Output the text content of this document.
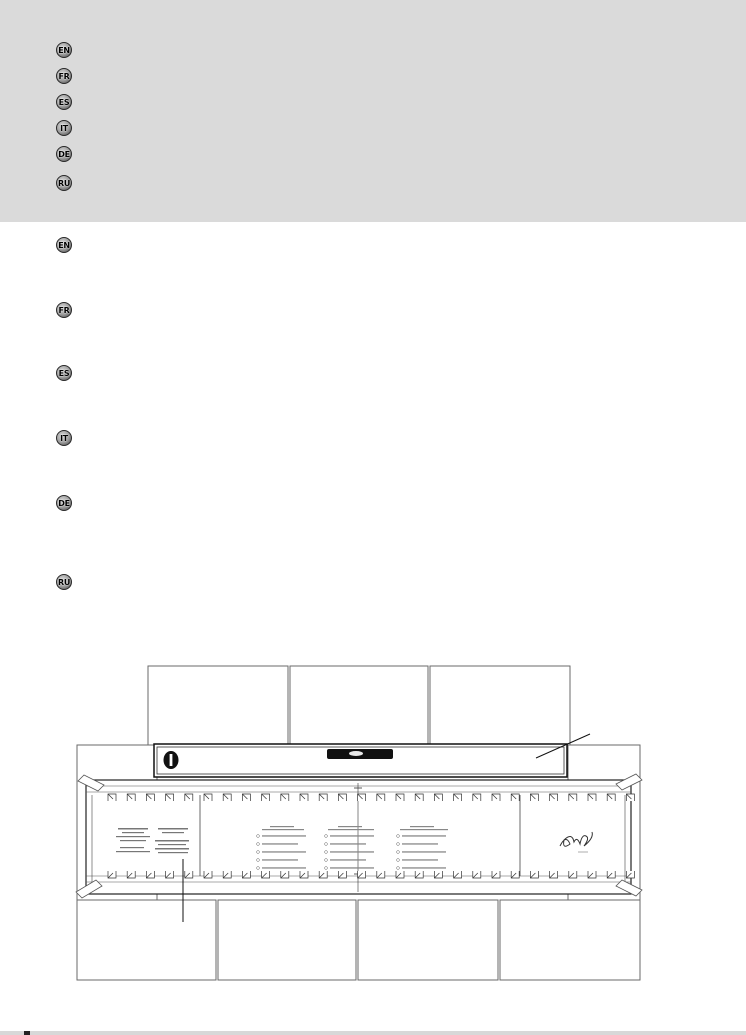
EN
FR
ES
IT
DE
RU
EN
FR
ES
IT
DE
RU
